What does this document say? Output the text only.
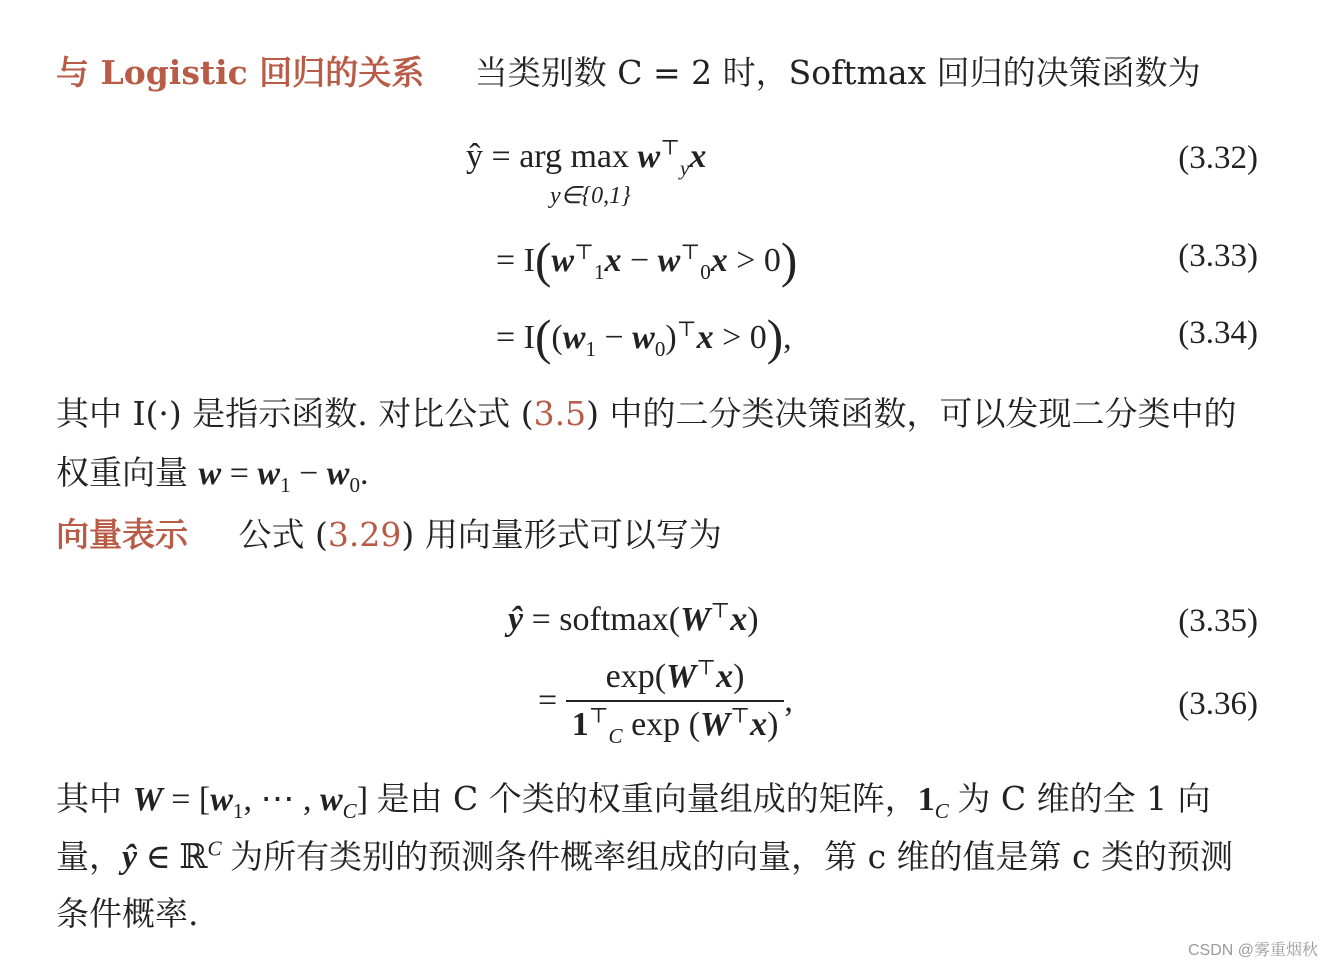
与 Logistic 回归的关系 当类别数 C = 2 时，Softmax 回归的决策函数为
ŷ = arg $\max w^⊤_yx$
y∈{0,1}
(3.32)
= $I(w^⊤_1x - w^⊤_0x > 0)$	(3.33)
= $I((w_1 - w_0)^⊤x > 0)$,	(3.34)
其中 I(·) 是指示函数. 对比公式 (3.5) 中的二分类决策函数，可以发现二分类中的
权重向量 $w = w_1 - w_0$.
向量表示 公式 (3.29) 用向量形式可以写为
ŷ = softmax(W⊤x)	(3.35)
= $\frac{\exp(W^⊤x)}{1^⊤_C \exp (W^⊤x)}$ ,	(3.36)
其中 $W = [w_1$, ⋯ , $w_C$] 是由 C 个类的权重向量组成的矩阵，$1_C$ 为 C 维的全 1 向
量，ŷ ∈ ℝ$^C$ 为所有类别的预测条件概率组成的向量，第 c 维的值是第 c 类的预测
条件概率.
CSDN @雾重烟秋
